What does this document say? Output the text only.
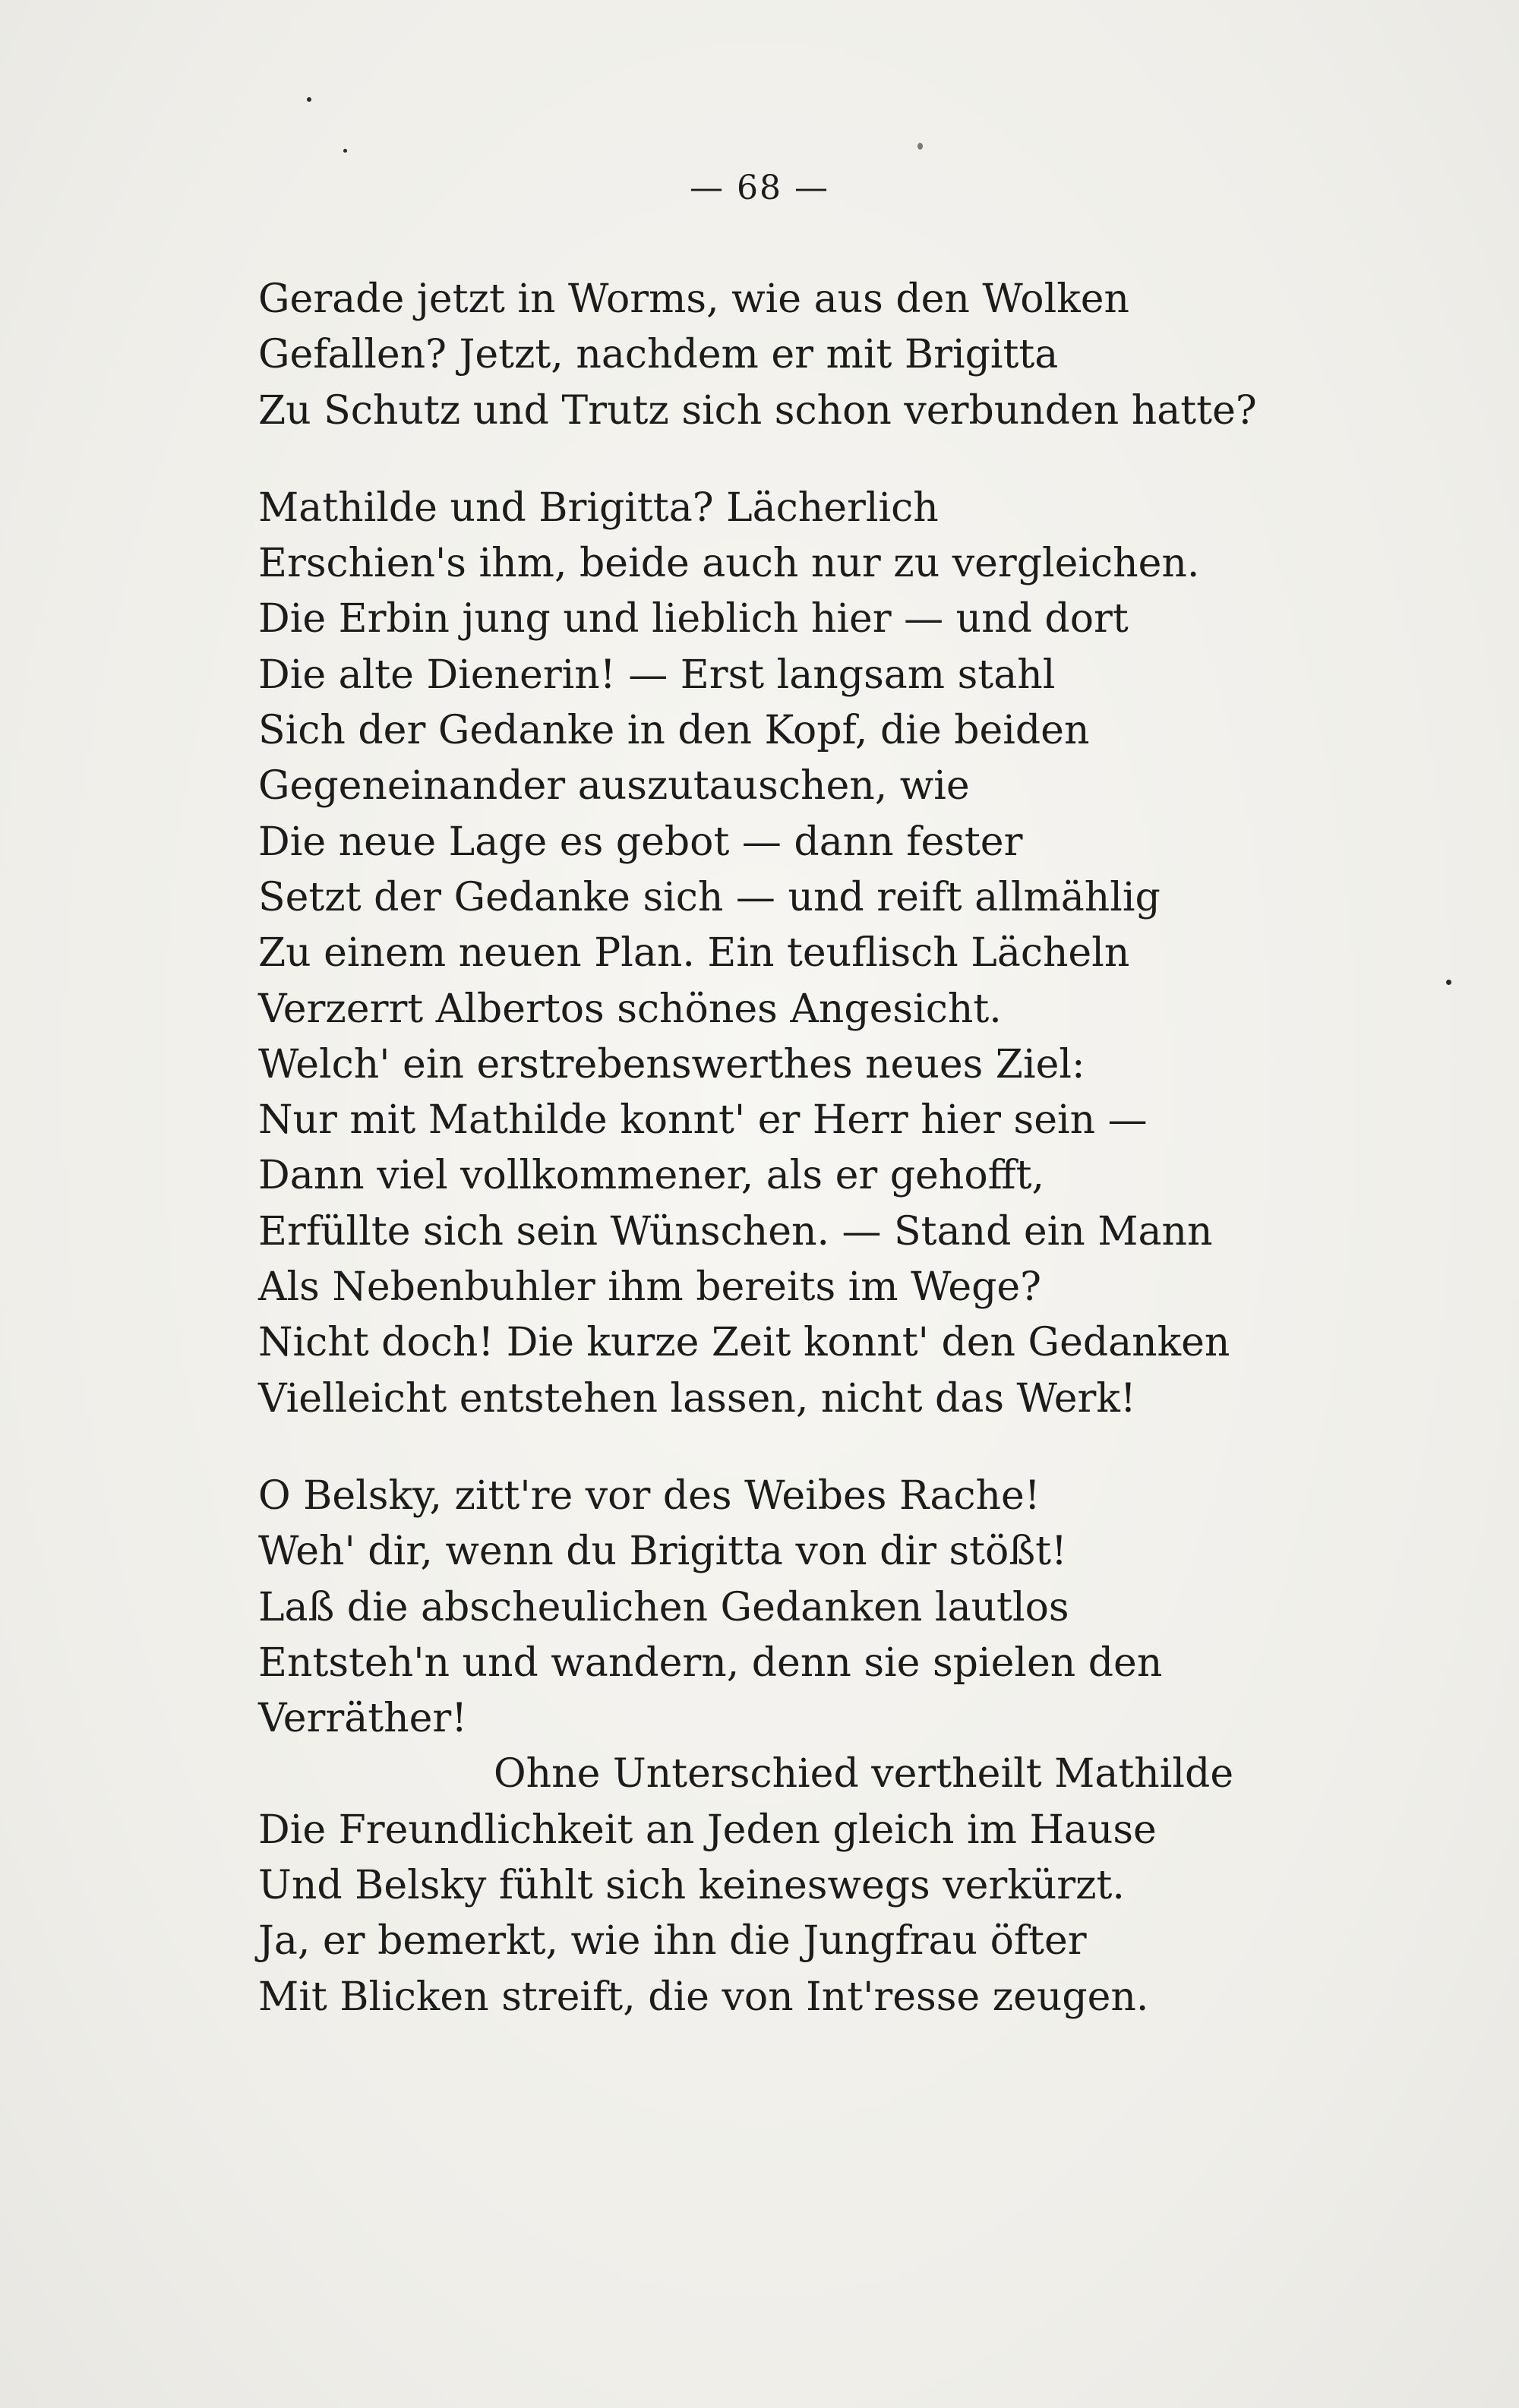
— 68 —
Gerade jetzt in Worms, wie aus den Wolken
Gefallen? Jetzt, nachdem er mit Brigitta
Zu Schutz und Trutz sich schon verbunden hatte?
Mathilde und Brigitta? Lächerlich
Erschien's ihm, beide auch nur zu vergleichen.
Die Erbin jung und lieblich hier — und dort
Die alte Dienerin! — Erst langsam stahl
Sich der Gedanke in den Kopf, die beiden
Gegeneinander auszutauschen, wie
Die neue Lage es gebot — dann fester
Setzt der Gedanke sich — und reift allmählig
Zu einem neuen Plan. Ein teuflisch Lächeln
Verzerrt Albertos schönes Angesicht.
Welch' ein erstrebenswerthes neues Ziel:
Nur mit Mathilde konnt' er Herr hier sein —
Dann viel vollkommener, als er gehofft,
Erfüllte sich sein Wünschen. — Stand ein Mann
Als Nebenbuhler ihm bereits im Wege?
Nicht doch! Die kurze Zeit konnt' den Gedanken
Vielleicht entstehen lassen, nicht das Werk!
O Belsky, zitt're vor des Weibes Rache!
Weh' dir, wenn du Brigitta von dir stößt!
Laß die abscheulichen Gedanken lautlos
Entsteh'n und wandern, denn sie spielen den
Verräther!
Ohne Unterschied vertheilt Mathilde
Die Freundlichkeit an Jeden gleich im Hause
Und Belsky fühlt sich keineswegs verkürzt.
Ja, er bemerkt, wie ihn die Jungfrau öfter
Mit Blicken streift, die von Int'resse zeugen.
